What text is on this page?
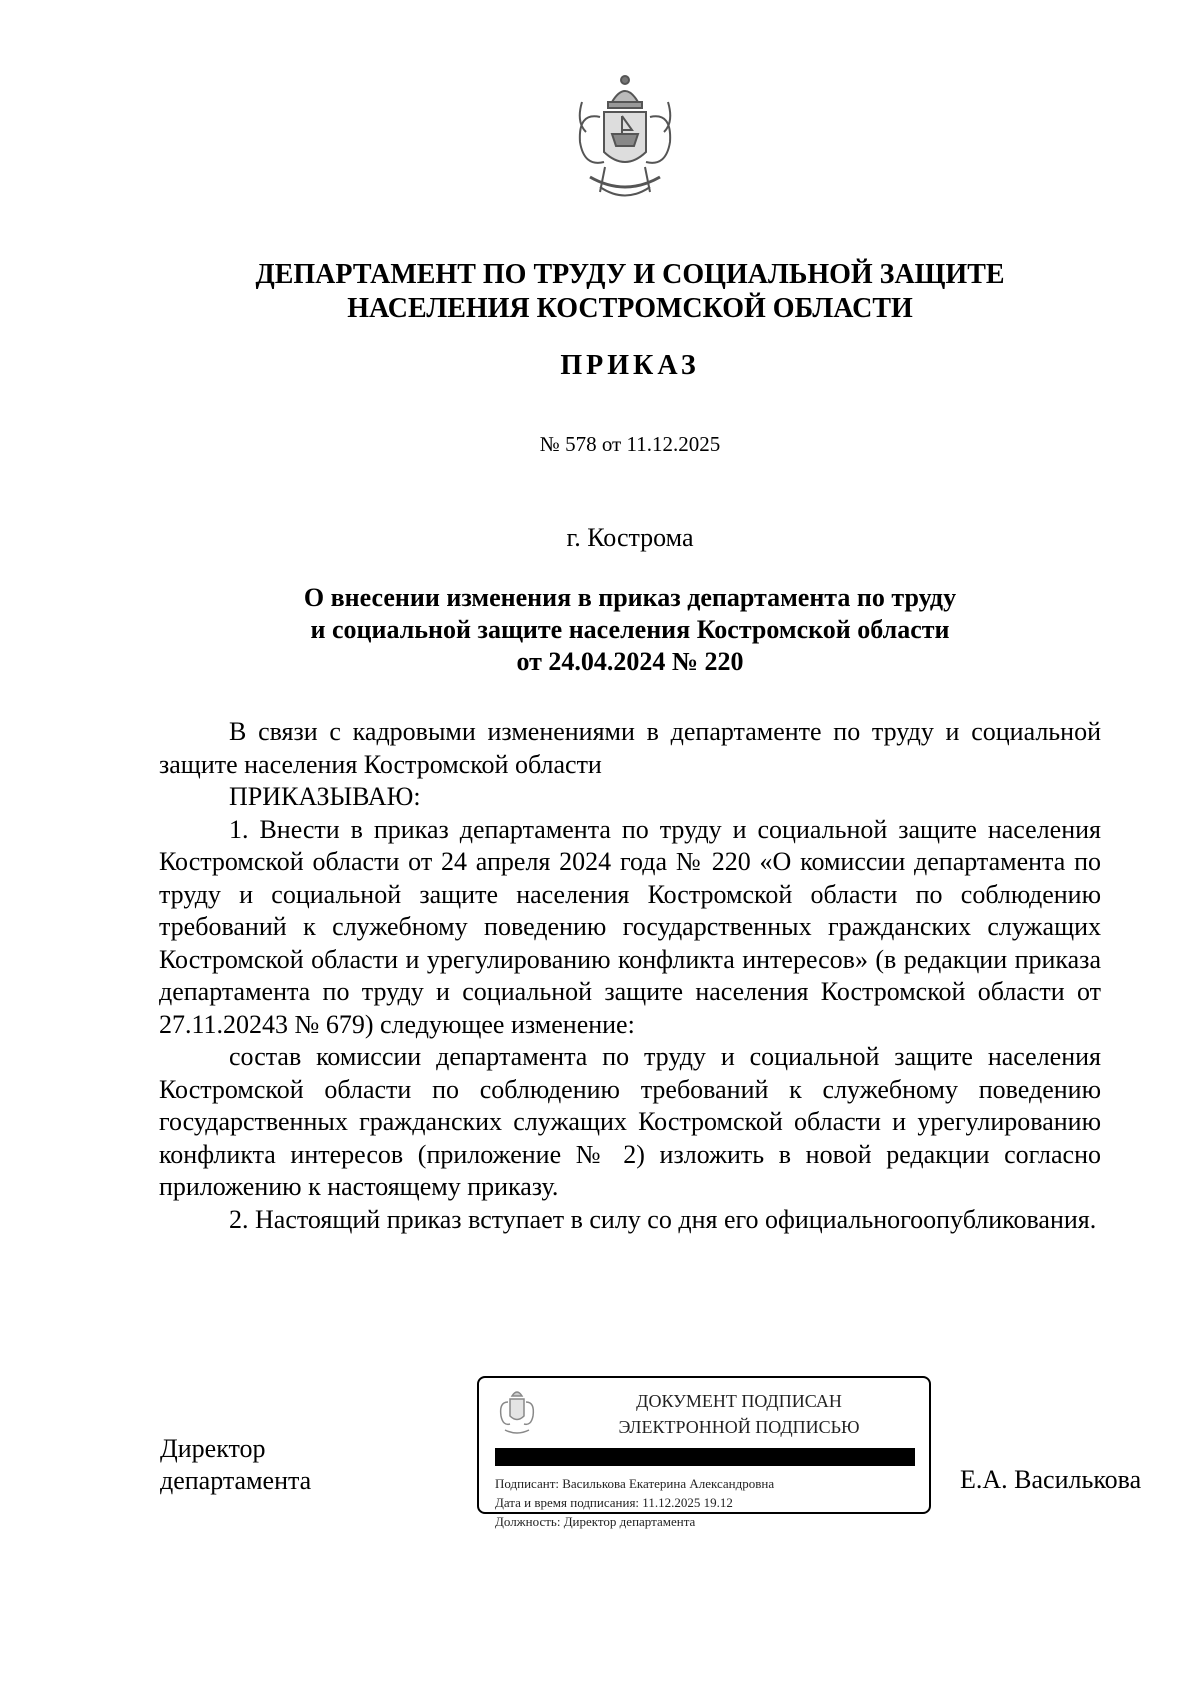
ДЕПАРТАМЕНТ ПО ТРУДУ И СОЦИАЛЬНОЙ ЗАЩИТЕ
НАСЕЛЕНИЯ КОСТРОМСКОЙ ОБЛАСТИ
ПРИКАЗ
№ 578 от 11.12.2025
г. Кострома
О внесении изменения в приказ департамента по труду
и социальной защите населения Костромской области
от 24.04.2024 № 220

В связи с кадровыми изменениями в департаменте по труду и социальной защите населения Костромской области

ПРИКАЗЫВАЮ:

1. Внести в приказ департамента по труду и социальной защите населения Костромской области от 24 апреля 2024 года № 220 «О комиссии департамента по труду и социальной защите населения Костромской области по соблюдению требований к служебному поведению государственных гражданских служащих Костромской области и урегулированию конфликта интересов» (в редакции приказа департамента по труду и социальной защите населения Костромской области от 27.11.20243 № 679) следующее изменение:

состав комиссии департамента по труду и социальной защите населения Костромской области по соблюдению требований к служебному поведению государственных гражданских служащих Костромской области и урегулированию конфликта интересов (приложение № 2) изложить в новой редакции согласно приложению к настоящему приказу.

2. Настоящий приказ вступает в силу со дня его официальногоопубликования.

Директор
департамента
ДОКУМЕНТ ПОДПИСАН
ЭЛЕКТРОННОЙ ПОДПИСЬЮ
Подписант: Василькова Екатерина Александровна
Дата и время подписания: 11.12.2025 19.12
Должность: Директор департамента
Е.А. Василькова
